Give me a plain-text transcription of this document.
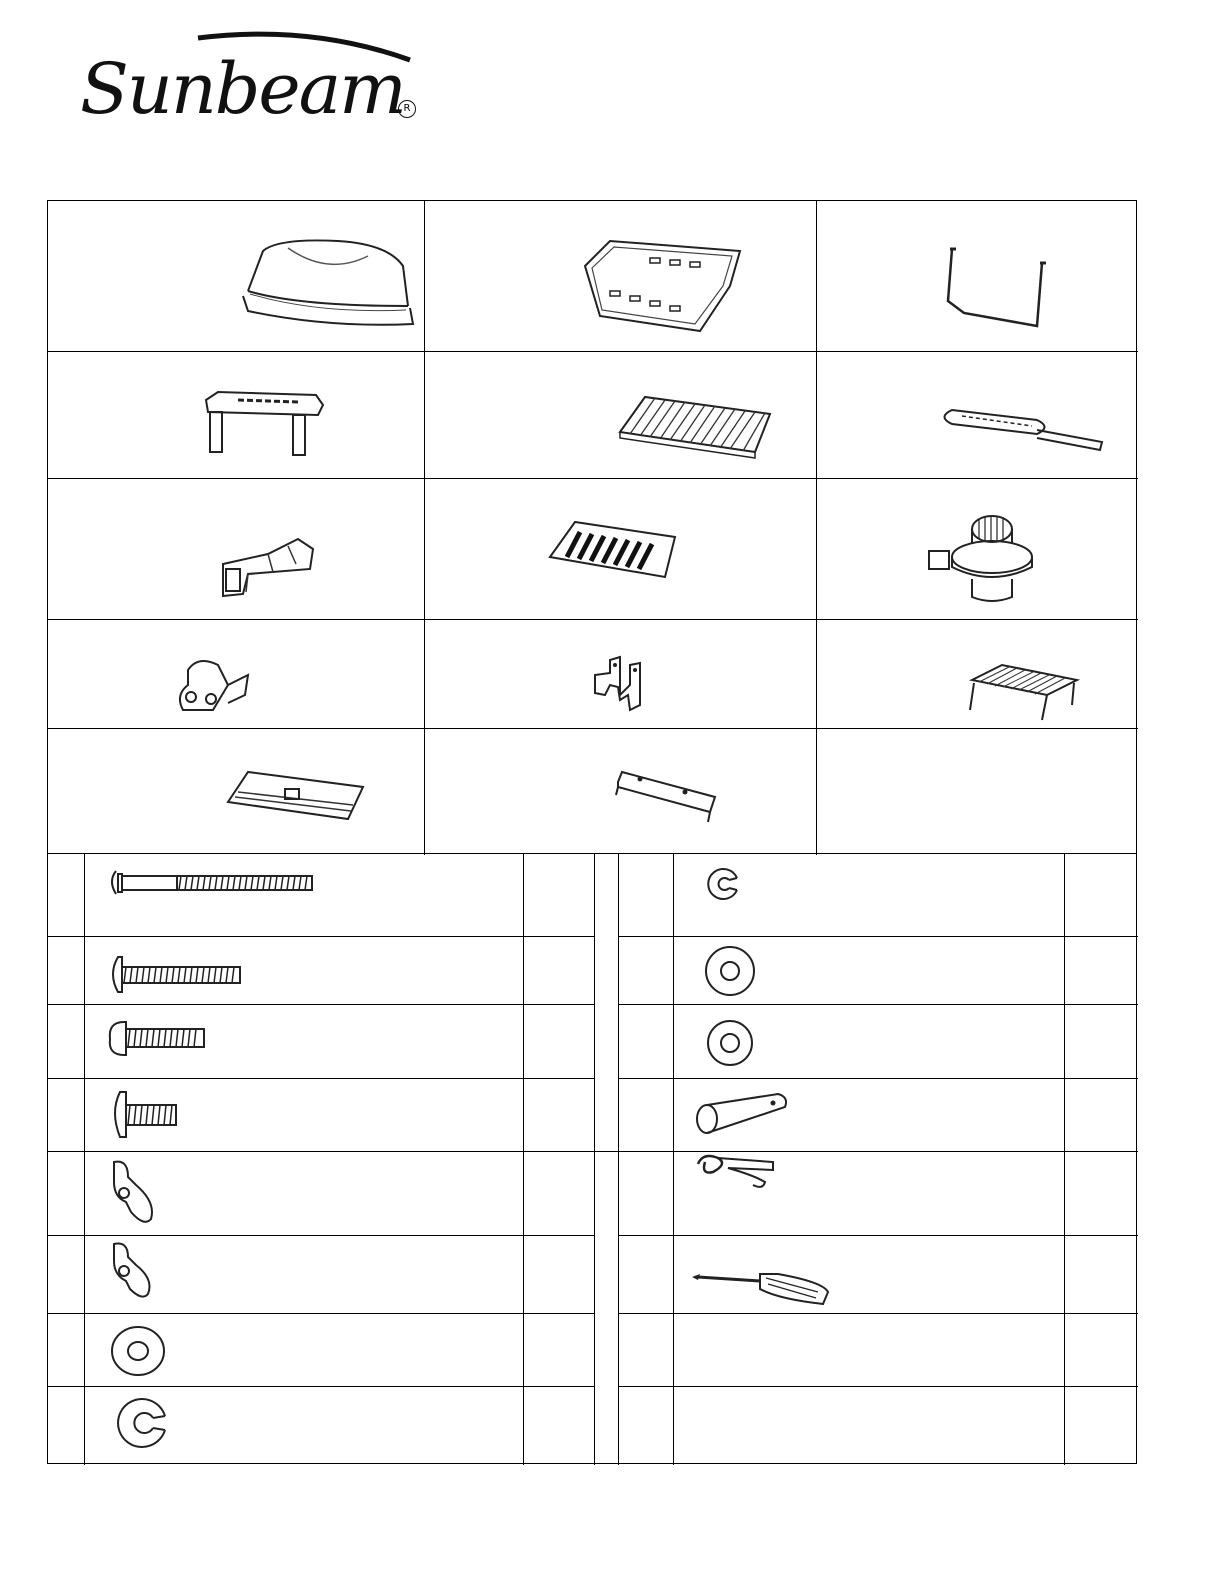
Sunbeam
R
